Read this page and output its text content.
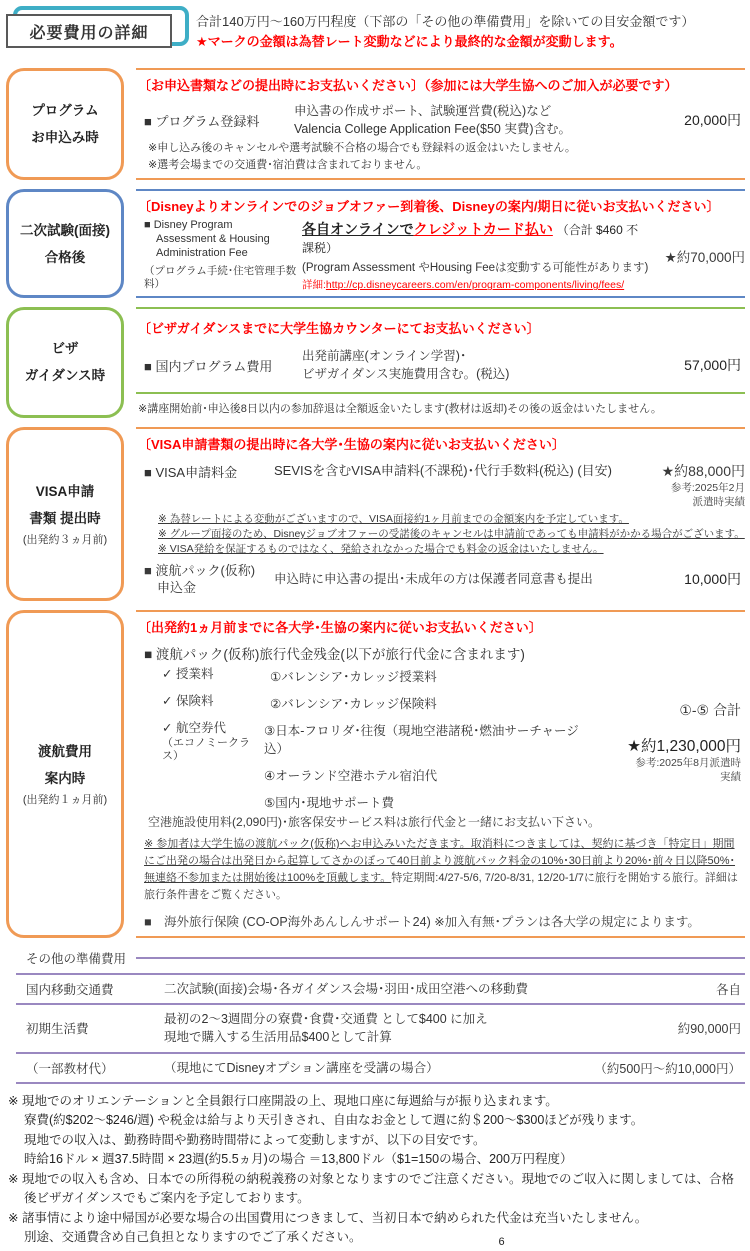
必要費用の詳細
合計140万円～160万円程度（下部の「その他の準備費用」を除いての目安金額です）
★マークの金額は為替レート変動などにより最終的な金額が変動します。
プログラム
お申込み時
〔お申込書類などの提出時にお支払いください〕（参加には大学生協へのご加入が必要です）
■ プログラム登録料
申込書の作成サポート、試験運営費(税込)など
Valencia College Application Fee($50 実費)含む。
20,000円
※申し込み後のキャンセルや選考試験不合格の場合でも登録料の返金はいたしません。
※選考会場までの交通費･宿泊費は含まれておりません。
二次試験(面接)
合格後
〔Disneyよりオンラインでのジョブオファー到着後、Disneyの案内/期日に従いお支払いください〕
■ Disney Program
Assessment & Housing
Administration Fee
（プログラム手続･住宅管理手数料）
各自オンラインでクレジットカード払い （合計 $460 不課税）
(Program Assessment やHousing Feeは変動する可能性があります)
詳細:http://cp.disneycareers.com/en/program-components/living/fees/
★約70,000円
ビザ
ガイダンス時
〔ビザガイダンスまでに大学生協カウンターにてお支払いください〕
■ 国内プログラム費用
出発前講座(オンライン学習)･
ビザガイダンス実施費用含む。(税込)
57,000円
※講座開始前･申込後8日以内の参加辞退は全額返金いたします(教材は返却)その後の返金はいたしません。
VISA申請
書類 提出時
(出発約３ヵ月前)
〔VISA申請書類の提出時に各大学･生協の案内に従いお支払いください〕
■ VISA申請料金	SEVISを含むVISA申請料(不課税)･代行手数料(税込) (目安)	★約88,000円
参考:2025年2月
派遣時実績
※ 為替レートによる変動がございますので、VISA面接約1ヶ月前までの金額案内を予定しています。
※ グループ面接のため、Disneyジョブオファーの受諾後のキャンセルは申請前であっても申請料がかかる場合がございます。
※ VISA発給を保証するものではなく、発給されなかった場合でも料金の返金はいたしません。
■ 渡航パック(仮称)
　申込金
申込時に申込書の提出･未成年の方は保護者同意書も提出	10,000円
渡航費用
案内時
(出発約１ヵ月前)
〔出発約1ヵ月前までに各大学･生協の案内に従いお支払いください〕
■ 渡航パック(仮称)旅行代金残金(以下が旅行代金に含まれます)
✓ 授業料	①バレンシア･カレッジ授業料
✓ 保険料	②バレンシア･カレッジ保険料
✓ 航空券代
（エコノミークラス）
③日本-フロリダ･往復（現地空港諸税･燃油サーチャージ込）
④オーランド空港ホテル宿泊代
⑤国内･現地サポート費
①-⑤ 合計
★約1,230,000円
参考:2025年8月派遣時
実績
空港施設使用料(2,090円)･旅客保安サービス料は旅行代金と一緒にお支払い下さい。
※ 参加者は大学生協の渡航パック(仮称)へお申込みいただきます。取消料につきましては、契約に基づき「特定日」期間にご出発の場合は出発日から起算してさかのぼって40日前より渡航パック料金の10%･30日前より20%･前々日以降50%･無連絡不参加または開始後は100%を頂戴します。特定期間:4/27-5/6, 7/20-8/31, 12/20-1/7に旅行を開始する旅行。詳細は旅行条件書をご覧ください。
■　海外旅行保険 (CO-OP海外あんしんサポート24) ※加入有無･プランは各大学の規定によります。
その他の準備費用
国内移動交通費	二次試験(面接)会場･各ガイダンス会場･羽田･成田空港への移動費	各自
初期生活費
最初の2～3週間分の寮費･食費･交通費 として$400 に加え
現地で購入する生活用品$400として計算
約90,000円
（一部教材代）	（現地にてDisneyオプション講座を受講の場合）	（約500円～約10,000円）
※ 現地でのオリエンテーションと全員銀行口座開設の上、現地口座に毎週給与が振り込まれます。
寮費(約$202～$246/週) や税金は給与より天引きされ、自由なお金として週に約＄200～$300ほどが残ります。
現地での収入は、勤務時間や勤務時間帯によって変動しますが、以下の目安です。
時給16ドル × 週37.5時間 × 23週(約5.5ヵ月)の場合 ＝13,800ドル（$1=150の場合、200万円程度）
※ 現地での収入も含め、日本での所得税の納税義務の対象となりますのでご注意ください。現地でのご収入に関しましては、合格後ビザガイダンスでもご案内を予定しております。
※ 諸事情により途中帰国が必要な場合の出国費用につきまして、当初日本で納められた代金は充当いたしません。
別途、交通費含め自己負担となりますのでご了承ください。	6
